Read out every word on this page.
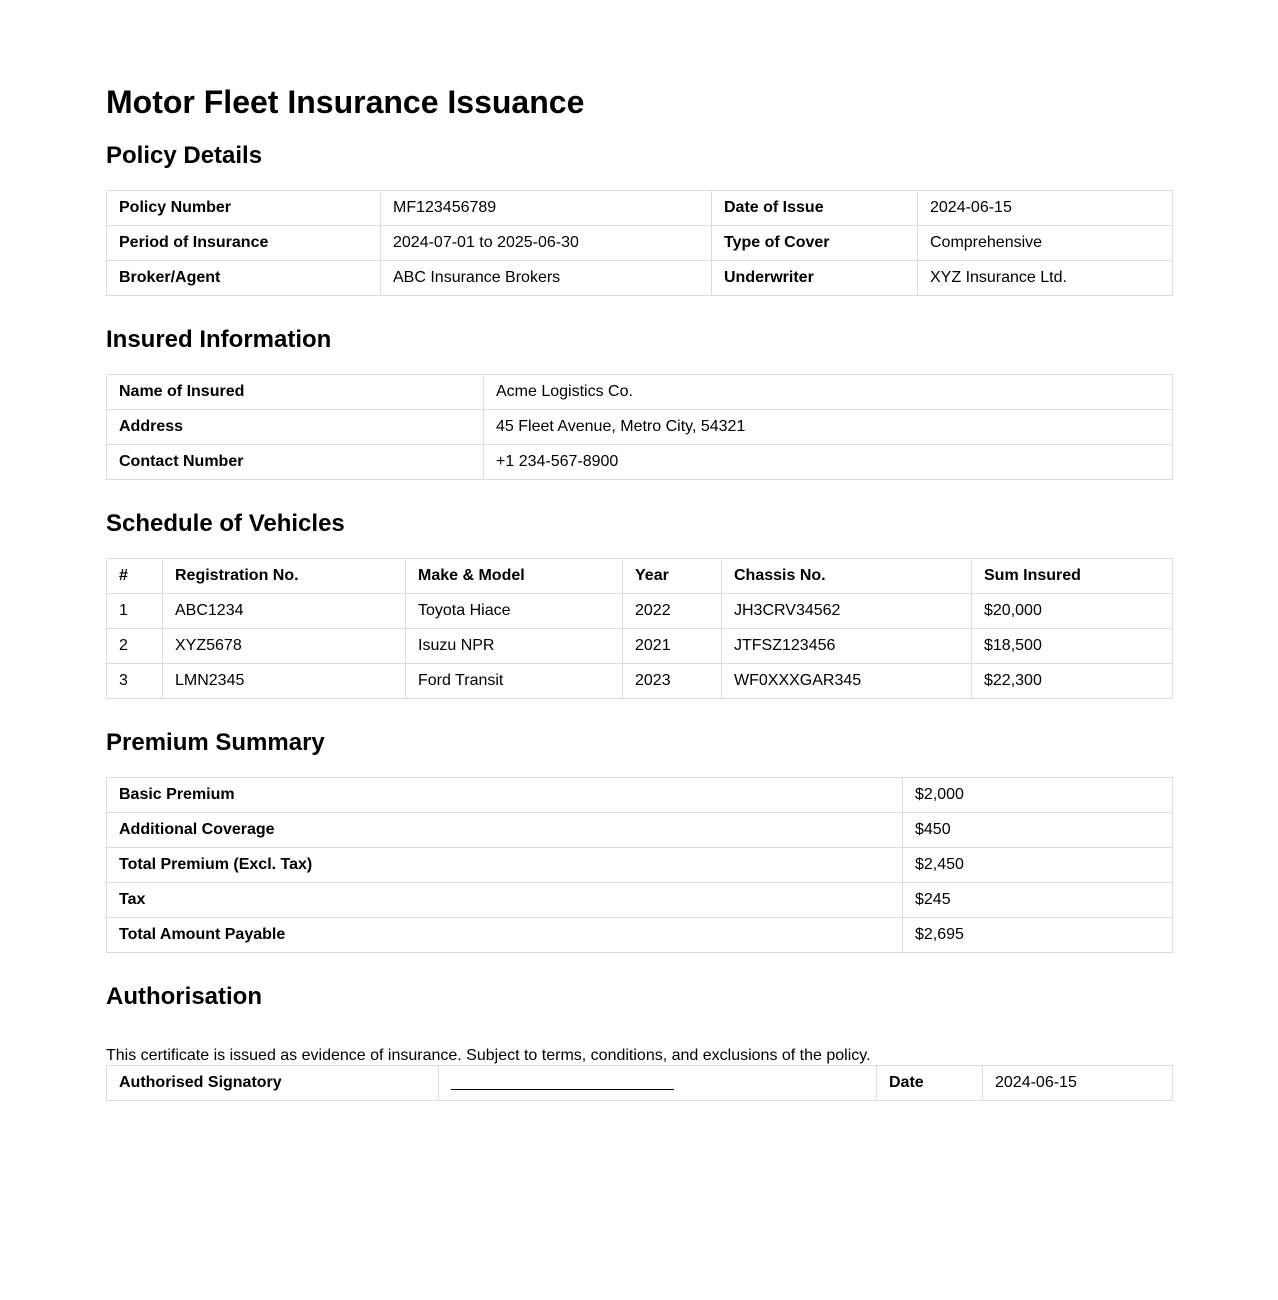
Motor Fleet Insurance Issuance
Policy Details
Policy Number	MF123456789	Date of Issue	2024-06-15
Period of Insurance	2024-07-01 to 2025-06-30	Type of Cover	Comprehensive
Broker/Agent	ABC Insurance Brokers	Underwriter	XYZ Insurance Ltd.
Insured Information
Name of Insured	Acme Logistics Co.
Address	45 Fleet Avenue, Metro City, 54321
Contact Number	+1 234-567-8900
Schedule of Vehicles
#	Registration No.	Make & Model	Year	Chassis No.	Sum Insured
1	ABC1234	Toyota Hiace	2022	JH3CRV34562	$20,000
2	XYZ5678	Isuzu NPR	2021	JTFSZ123456	$18,500
3	LMN2345	Ford Transit	2023	WF0XXXGAR345	$22,300
Premium Summary
Basic Premium	$2,000
Additional Coverage	$450
Total Premium (Excl. Tax)	$2,450
Tax	$245
Total Amount Payable	$2,695
Authorisation

This certificate is issued as evidence of insurance. Subject to terms, conditions, and exclusions of the policy.

Authorised Signatory		Date	2024-06-15
